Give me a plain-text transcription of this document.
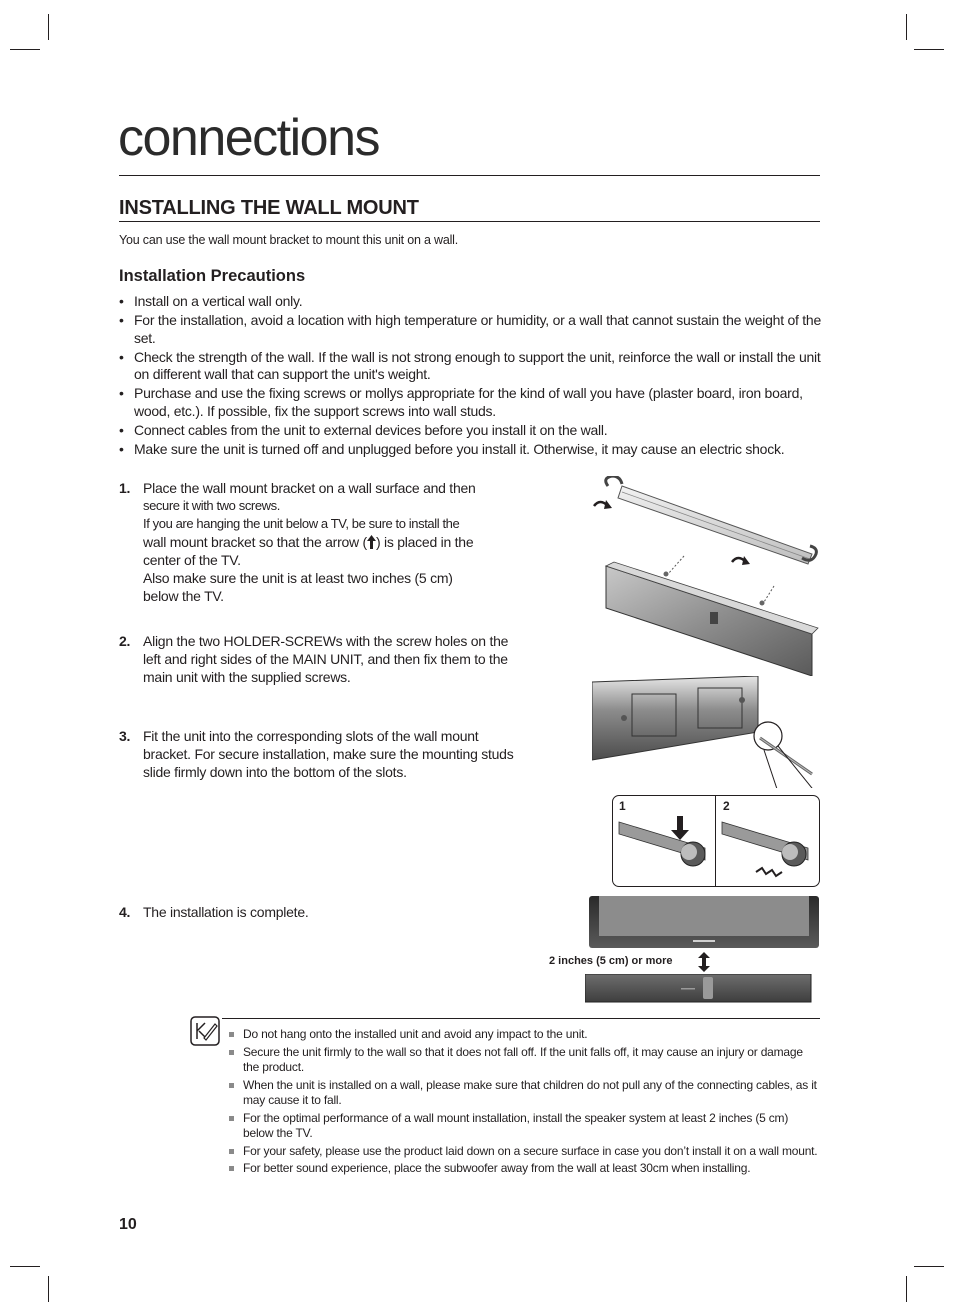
connections
INSTALLING THE WALL MOUNT

You can use the wall mount bracket to mount this unit on a wall.

Installation Precautions
• Install on a vertical wall only.
• For the installation, avoid a location with high temperature or humidity, or a wall that cannot sustain the weight of the set.
• Check the strength of the wall. If the wall is not strong enough to support the unit, reinforce the wall or install the unit on different wall that can support the unit's weight.
• Purchase and use the fixing screws or mollys appropriate for the kind of wall you have (plaster board, iron board, wood, etc.). If possible, fix the support screws into wall studs.
• Connect cables from the unit to external devices before you install it on the wall.
• Make sure the unit is turned off and unplugged before you install it. Otherwise, it may cause an electric shock.
1. Place the wall mount bracket on a wall surface and then
secure it with two screws.
If you are hanging the unit below a TV, be sure to install the
wall mount bracket so that the arrow ( ) is placed in the
center of the TV.
Also make sure the unit is at least two inches (5 cm)
below the TV.
2. Align the two HOLDER-SCREWs with the screw holes on the left and right sides of the MAIN UNIT, and then fix them to the main unit with the supplied screws.
3. Fit the unit into the corresponding slots of the wall mount bracket. For secure installation, make sure the mounting studs slide firmly down into the bottom of the slots.
4. The installation is complete.
1	2
2 inches (5 cm) or more
Do not hang onto the installed unit and avoid any impact to the unit.
Secure the unit firmly to the wall so that it does not fall off. If the unit falls off, it may cause an injury or damage the product.
When the unit is installed on a wall, please make sure that children do not pull any of the connecting cables, as it may cause it to fall.
For the optimal performance of a wall mount installation, install the speaker system at least 2 inches (5 cm) below the TV.
For your safety, please use the product laid down on a secure surface in case you don’t install it on a wall mount.
For better sound experience, place the subwoofer away from the wall at least 30cm when installing.
10
